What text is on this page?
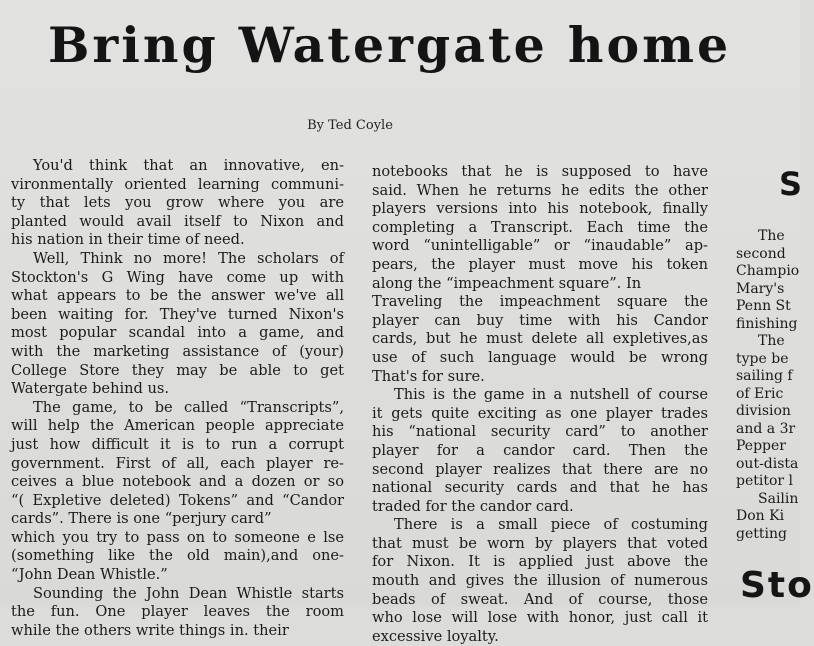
Bring Watergate home
By Ted Coyle
You'd think that an innovative, en-
vironmentally oriented learning communi-
ty that lets you grow where you are
planted would avail itself to Nixon and
his nation in their time of need.
Well, Think no more! The scholars of
Stockton's G Wing have come up with
what appears to be the answer we've all
been waiting for. They've turned Nixon's
most popular scandal into a game, and
with the marketing assistance of (your)
College Store they may be able to get
Watergate behind us.
The game, to be called “Transcripts”,
will help the American people appreciate
just how difficult it is to run a corrupt
government. First of all, each player re-
ceives a blue notebook and a dozen or so
“( Expletive deleted) Tokens” and “Candor
cards”. There is one “perjury card”
which you try to pass on to someone e lse
(something like the old main),and one-
“John Dean Whistle.”
Sounding the John Dean Whistle starts
the fun. One player leaves the room
while the others write things in. their
notebooks that he is supposed to have
said. When he returns he edits the other
players versions into his notebook, finally
completing a Transcript. Each time the
word “unintelligable” or “inaudable” ap-
pears, the player must move his token
along the “impeachment square”. In
Traveling the impeachment square the
player can buy time with his Candor
cards, but he must delete all expletives,as
use of such language would be wrong
That's for sure.
This is the game in a nutshell of course
it gets quite exciting as one player trades
his “national security card” to another
player for a candor card. Then the
second player realizes that there are no
national security cards and that he has
traded for the candor card.
There is a small piece of costuming
that must be worn by players that voted
for Nixon. It is applied just above the
mouth and gives the illusion of numerous
beads of sweat. And of course, those
who lose will lose with honor, just call it
excessive loyalty.
S
The
second
Champio
Mary's
Penn St
finishing
The
type be
sailing f
of Eric
division
and a 3r
Pepper
out-dista
petitor l
Sailin
Don Ki
getting
Sto
